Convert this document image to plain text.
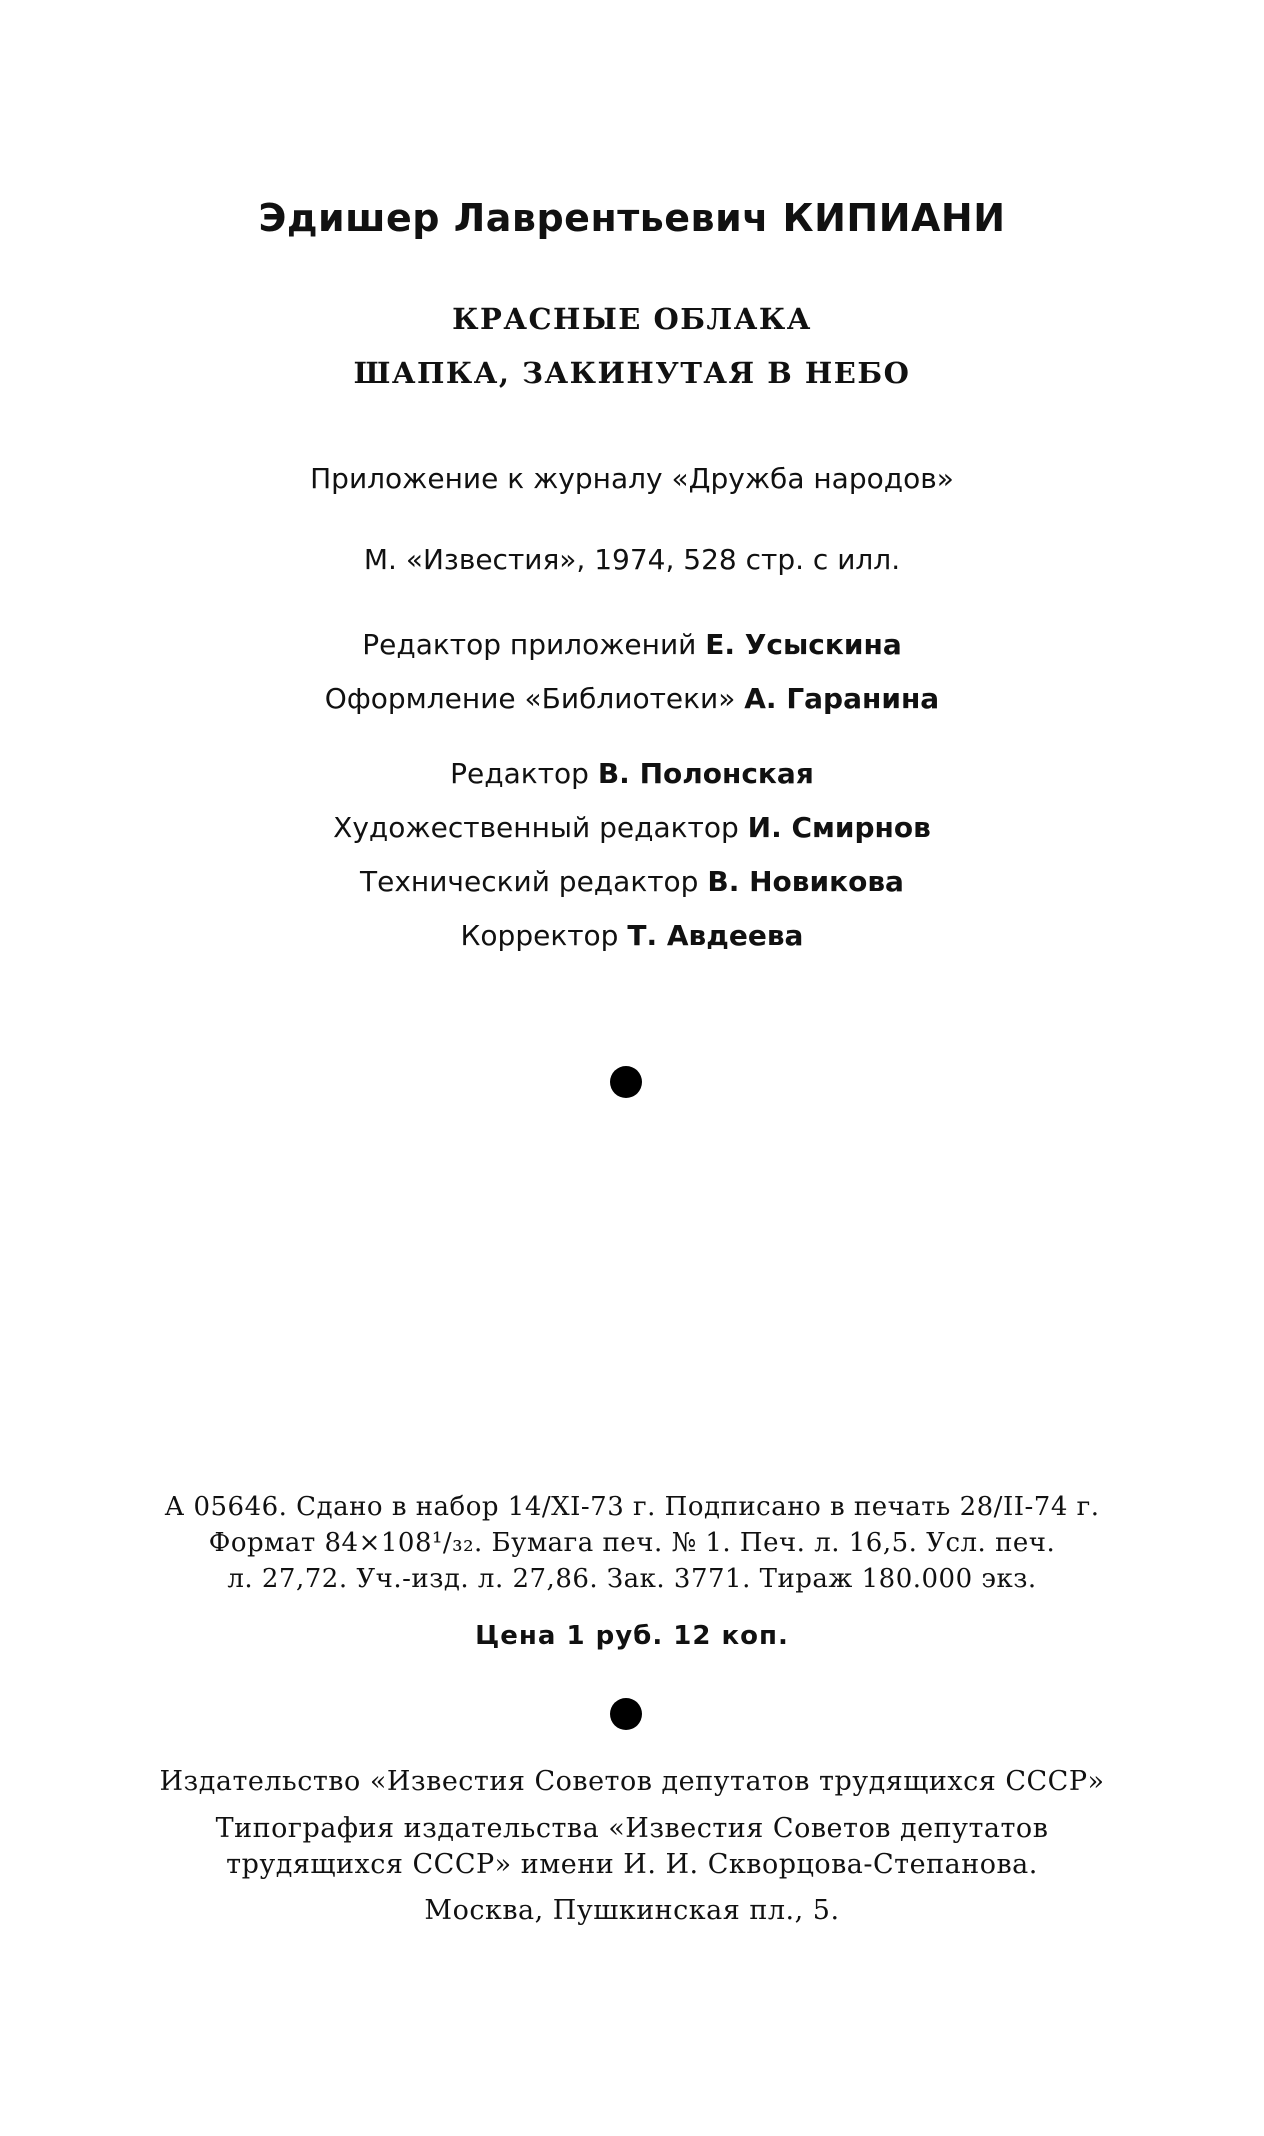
Эдишер Лаврентьевич КИПИАНИ
КРАСНЫЕ ОБЛАКА
ШАПКА, ЗАКИНУТАЯ В НЕБО
Приложение к журналу «Дружба народов»
М. «Известия», 1974, 528 стр. с илл.
Редактор приложений Е. Усыскина
Оформление «Библиотеки» А. Гаранина
Редактор В. Полонская
Художественный редактор И. Смирнов
Технический редактор В. Новикова
Корректор Т. Авдеева
А 05646. Сдано в набор 14/XI-73 г. Подписано в печать 28/II-74 г.
Формат 84×108¹/₃₂. Бумага печ. № 1. Печ. л. 16,5. Усл. печ.
л. 27,72. Уч.-изд. л. 27,86. Зак. 3771. Тираж 180.000 экз.
Цена 1 руб. 12 коп.
Издательство «Известия Советов депутатов трудящихся СССР»
Типография издательства «Известия Советов депутатов
трудящихся СССР» имени И. И. Скворцова-Степанова.
Москва, Пушкинская пл., 5.
